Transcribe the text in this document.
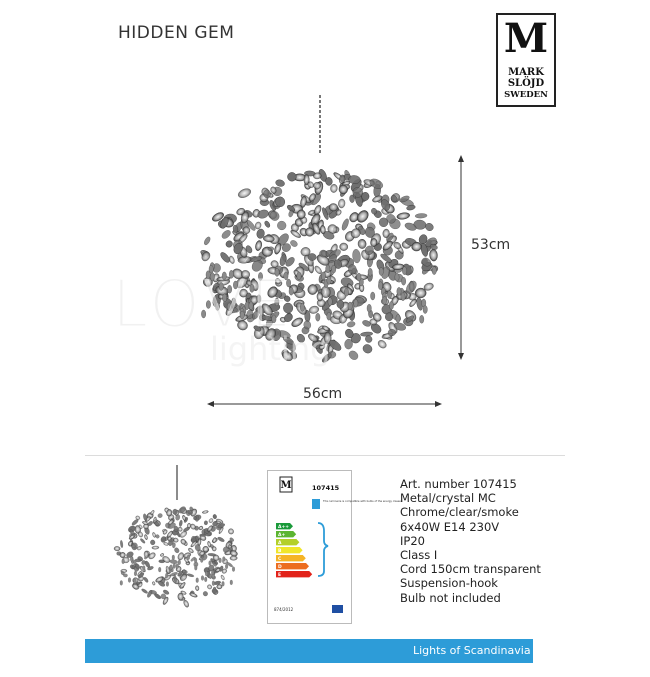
HIDDEN GEM	M
MARK
SLÖJD
SWEDEN
53cm
56cm
LOVE
lighting
M	107415
This luminaire is compatible with bulbs of the energy classes:
A++
A+
A
B
C
D
E
874/2012
Art. number 107415
Metal/crystal MC
Chrome/clear/smoke
6x40W E14 230V
IP20
Class I
Cord 150cm transparent
Suspension-hook
Bulb not included
Lights of Scandinavia
